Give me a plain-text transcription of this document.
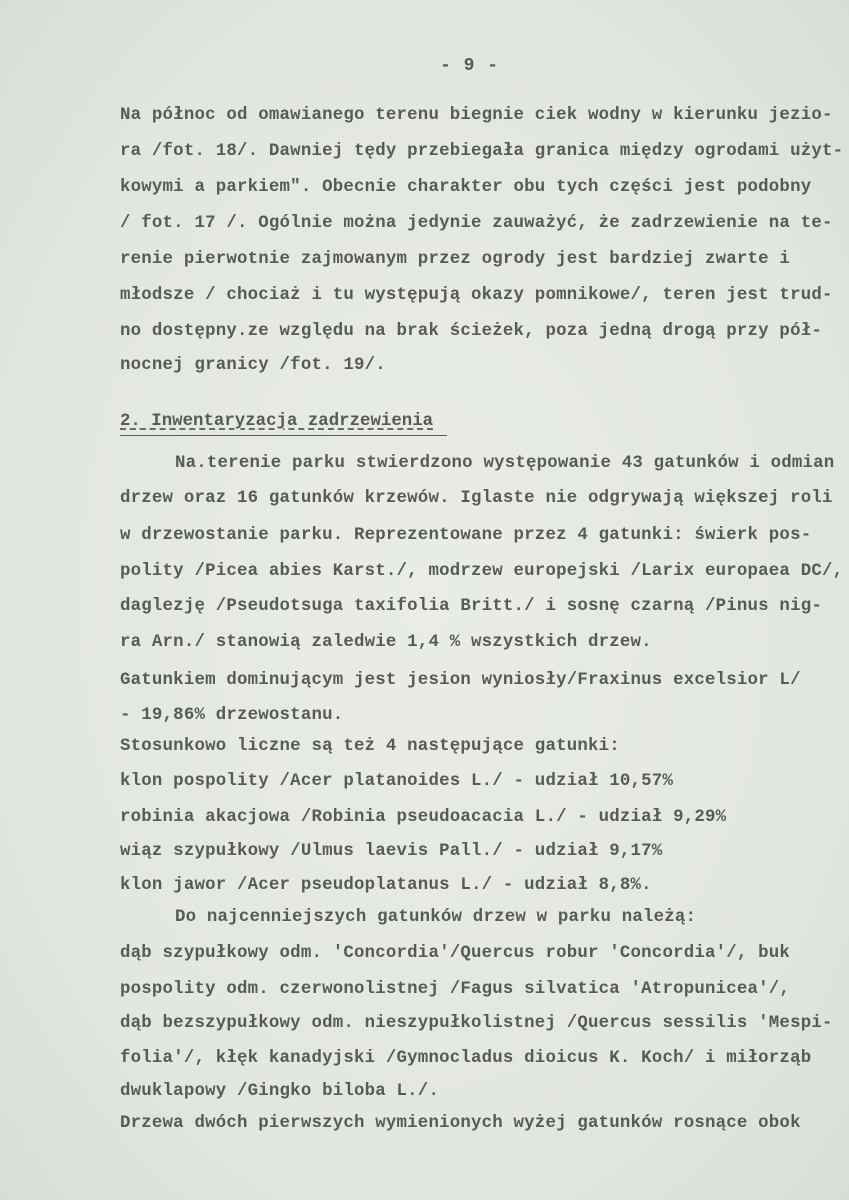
- 9 -
Na północ od omawianego terenu biegnie ciek wodny w kierunku jezio-
ra /fot. 18/. Dawniej tędy przebiegała granica między ogrodami użyt-
kowymi a parkiem". Obecnie charakter obu tych części jest podobny
/ fot. 17 /. Ogólnie można jedynie zauważyć, że zadrzewienie na te-
renie pierwotnie zajmowanym przez ogrody jest bardziej zwarte i
młodsze / chociaż i tu występują okazy pomnikowe/, teren jest trud-
no dostępny.ze względu na brak ścieżek, poza jedną drogą przy pół-
nocnej granicy /fot. 19/.
2. Inwentaryzacja zadrzewienia
Na.terenie parku stwierdzono występowanie 43 gatunków i odmian
drzew oraz 16 gatunków krzewów. Iglaste nie odgrywają większej roli
w drzewostanie parku. Reprezentowane przez 4 gatunki: świerk pos-
polity /Picea abies Karst./, modrzew europejski /Larix europaea DC/,
daglezję /Pseudotsuga taxifolia Britt./ i sosnę czarną /Pinus nig-
ra Arn./ stanowią zaledwie 1,4 % wszystkich drzew.
Gatunkiem dominującym jest jesion wyniosły/Fraxinus excelsior L/
- 19,86% drzewostanu.
Stosunkowo liczne są też 4 następujące gatunki:
klon pospolity /Acer platanoides L./ - udział 10,57%
robinia akacjowa /Robinia pseudoacacia L./ - udział 9,29%
wiąz szypułkowy /Ulmus laevis Pall./ - udział 9,17%
klon jawor /Acer pseudoplatanus L./ - udział 8,8%.
Do najcenniejszych gatunków drzew w parku należą:
dąb szypułkowy odm. 'Concordia'/Quercus robur 'Concordia'/, buk
pospolity odm. czerwonolistnej /Fagus silvatica 'Atropunicea'/,
dąb bezszypułkowy odm. nieszypułkolistnej /Quercus sessilis 'Mespi-
folia'/, kłęk kanadyjski /Gymnocladus dioicus K. Koch/ i miłorząb
dwuklapowy /Gingko biloba L./.
Drzewa dwóch pierwszych wymienionych wyżej gatunków rosnące obok
